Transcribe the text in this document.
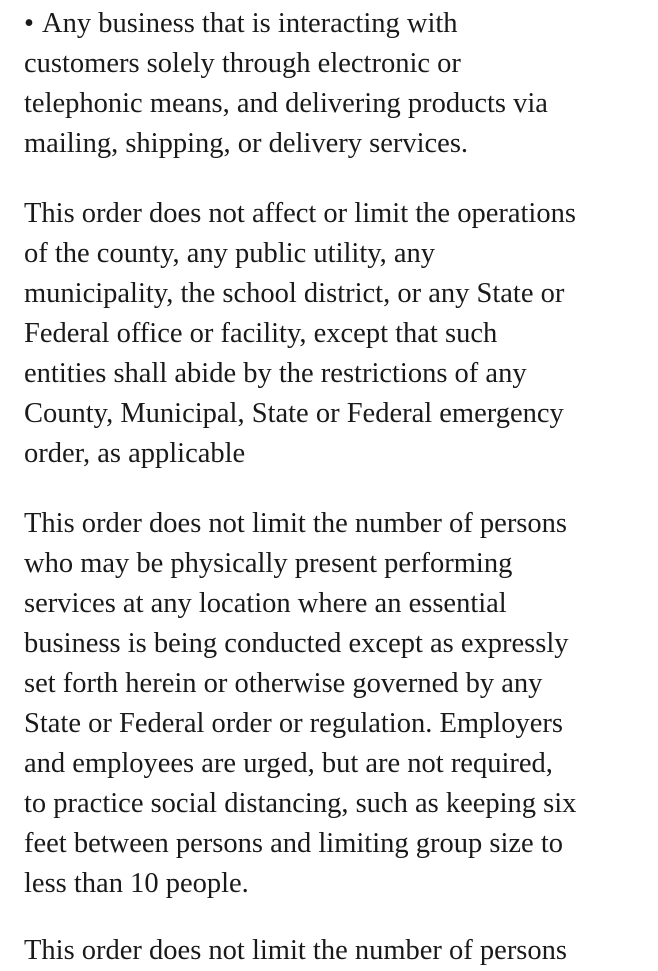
• Any business that is interacting with
customers solely through electronic or
telephonic means, and delivering products via
mailing, shipping, or delivery services.
This order does not affect or limit the operations
of the county, any public utility, any
municipality, the school district, or any State or
Federal office or facility, except that such
entities shall abide by the restrictions of any
County, Municipal, State or Federal emergency
order, as applicable
This order does not limit the number of persons
who may be physically present performing
services at any location where an essential
business is being conducted except as expressly
set forth herein or otherwise governed by any
State or Federal order or regulation. Employers
and employees are urged, but are not required,
to practice social distancing, such as keeping six
feet between persons and limiting group size to
less than 10 people.
This order does not limit the number of persons
